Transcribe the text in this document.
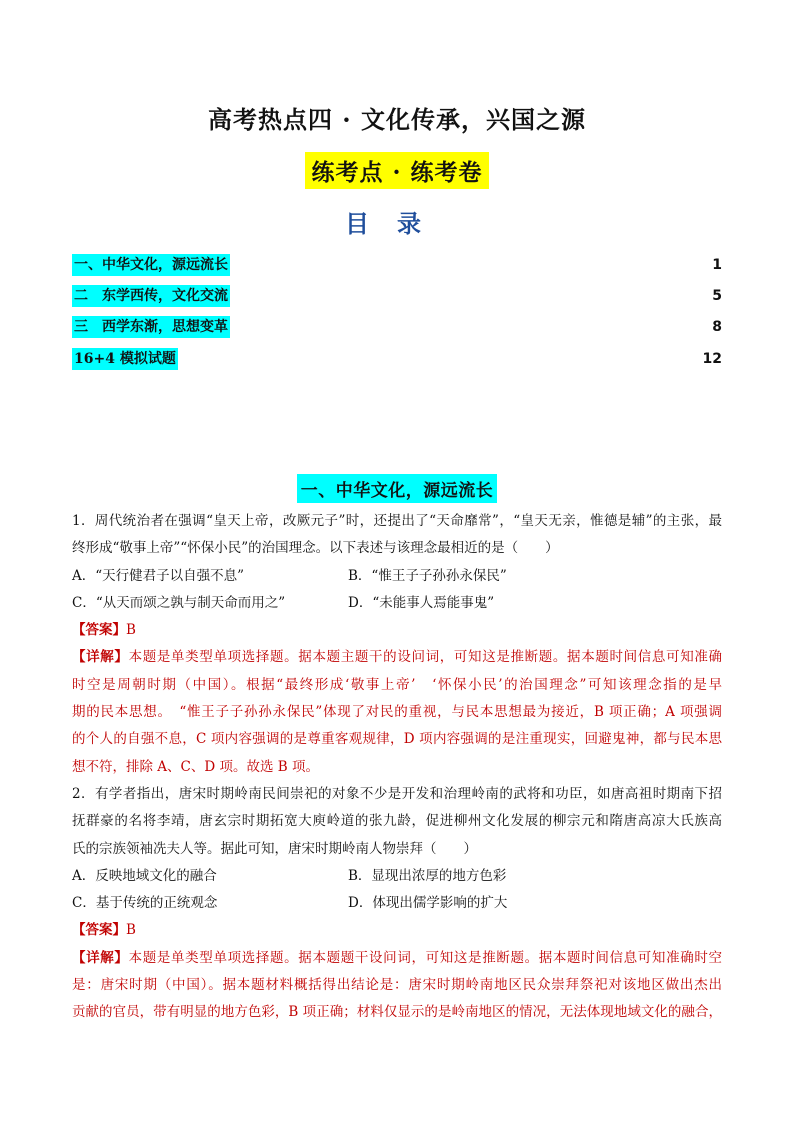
高考热点四 · 文化传承，兴国之源
练考点 · 练考卷
目录
一、中华文化，源远流长	1
二　东学西传，文化交流	5
三　西学东渐，思想变革	8
16+4 模拟试题	12
一、中华文化，源远流长

1．周代统治者在强调“皇天上帝，改厥元子”时，还提出了“天命靡常”，“皇天无亲，惟德是辅”的主张，最

终形成“敬事上帝”“怀保小民”的治国理念。以下表述与该理念最相近的是（　　）

A．“天行健君子以自强不息”	B．“惟王子子孙孙永保民”
C．“从天而颂之孰与制天命而用之”	D．“未能事人焉能事鬼”

【答案】B

【详解】本题是单类型单项选择题。据本题主题干的设问词，可知这是推断题。据本题时间信息可知准确

时空是周朝时期（中国）。根据“最终形成‘敬事上帝’　‘怀保小民’的治国理念”可知该理念指的是早

期的民本思想。　 “惟王子子孙孙永保民”体现了对民的重视，与民本思想最为接近，B 项正确；A 项强调

的个人的自强不息，C 项内容强调的是尊重客观规律，D 项内容强调的是注重现实，回避鬼神，都与民本思

想不符，排除 A、C、D 项。故选 B 项。

2．有学者指出，唐宋时期岭南民间崇祀的对象不少是开发和治理岭南的武将和功臣，如唐高祖时期南下招

抚群豪的名将李靖，唐玄宗时期拓宽大庾岭道的张九龄，促进柳州文化发展的柳宗元和隋唐高凉大氏族高

氏的宗族领袖冼夫人等。据此可知，唐宋时期岭南人物崇拜（　　）

A．反映地域文化的融合	B．显现出浓厚的地方色彩
C．基于传统的正统观念	D．体现出儒学影响的扩大

【答案】B

【详解】本题是单类型单项选择题。据本题题干设问词，可知这是推断题。据本题时间信息可知准确时空

是：唐宋时期（中国）。据本题材料概括得出结论是：唐宋时期岭南地区民众崇拜祭祀对该地区做出杰出

贡献的官员，带有明显的地方色彩，B 项正确；材料仅显示的是岭南地区的情况，无法体现地域文化的融合，
